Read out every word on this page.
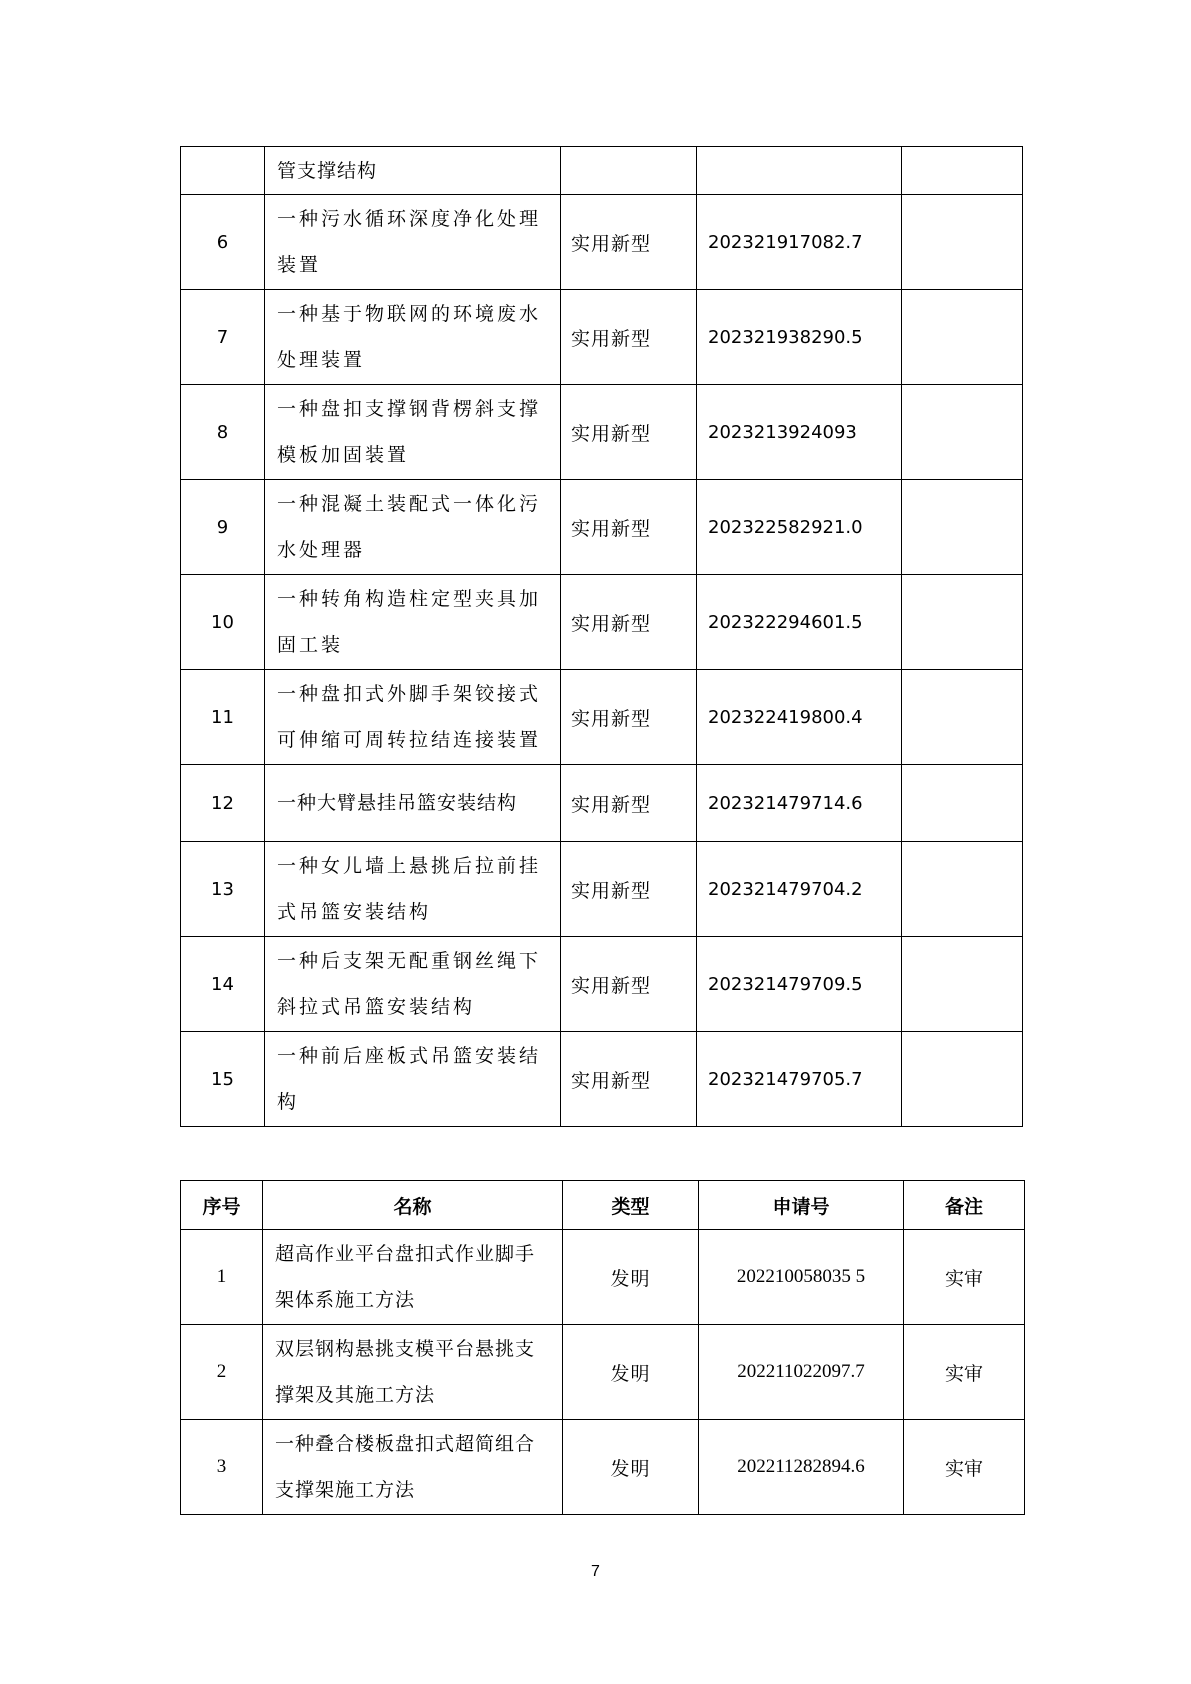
	管支撑结构			
6	一种污水循环深度净化处理装置	实用新型	202321917082.7	
7	一种基于物联网的环境废水处理装置	实用新型	202321938290.5	
8	一种盘扣支撑钢背楞斜支撑模板加固装置	实用新型	2023213924093	
9	一种混凝土装配式一体化污水处理器	实用新型	202322582921.0	
10	一种转角构造柱定型夹具加固工装	实用新型	202322294601.5	
11	一种盘扣式外脚手架铰接式可伸缩可周转拉结连接装置	实用新型	202322419800.4	
12	一种大臂悬挂吊篮安装结构	实用新型	202321479714.6	
13	一种女儿墙上悬挑后拉前挂式吊篮安装结构	实用新型	202321479704.2	
14	一种后支架无配重钢丝绳下斜拉式吊篮安装结构	实用新型	202321479709.5	
15	一种前后座板式吊篮安装结构	实用新型	202321479705.7	
序号	名称	类型	申请号	备注
1	超高作业平台盘扣式作业脚手架体系施工方法	发明	202210058035 5	实审
2	双层钢构悬挑支模平台悬挑支撑架及其施工方法	发明	202211022097.7	实审
3	一种叠合楼板盘扣式超简组合支撑架施工方法	发明	202211282894.6	实审
7
